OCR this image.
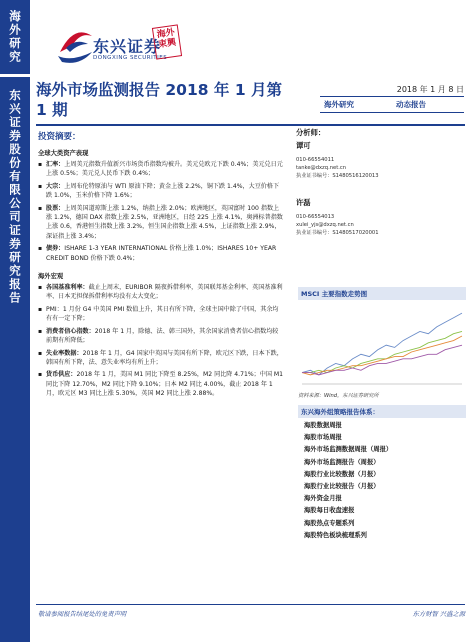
海外研究
东兴证券股份有限公司证券研究报告
东兴证券
DONGXING SECURITIES
海外束興
海外市场监测报告 2018 年 1 月第 1 期
2018 年 1 月 8 日
海外研究	动态报告
投资摘要：
全球大类资产表现
▪ 汇率：上周美元指数升值新兴市场货币指数均被升。美元兑欧元下跌 0.4%；美元兑日元上涨 0.5%；美元兑人民币下跌 0.4%；
▪ 大宗：上周布伦特原油与 WTI 原油下降；黄金上涨 2.2%，铜下跌 1.4%，大豆价格下跌 1.0%，玉米价格下降 1.6%；
▪ 股票：上周美国道琼斯上涨 1.2%，纳指上涨 2.0%；欧洲地区，英国富时 100 指数上涨 1.2%，德国 DAX 指数上涨 2.5%，亚洲地区，日经 225 上涨 4.1%，奥洲标普指数上涨 0.6，香港恒生指数上涨 3.2%，恒生国企指数上涨 4.5%，上证指数上涨 2.9%，深证指上涨 3.4%；
▪ 债券：ISHARE 1-3 YEAR INTERNATIONAL 价格上涨 1.0%；ISHARES 10+ YEAR CREDIT BOND 价格下跌 0.4%；
海外宏观
▪ 各国基准利率：截止上周末，EURIBOR 隔夜拆借利率，美国联邦基金利率、英国基准利率、日本无担保拆借利率均没有太大变化；
▪ PMI：1 月份 G4 中美国 PMI 数值上升，其日有所下降，全球主国中除了中国，其余均有有一定下降；
▪ 消费者信心指数：2018 年 1 月，除德、法、韩三国外，其余国家消费者信心指数均较前期有所降低；
▪ 失业率数据：2018 年 1 月，G4 国家中英国与美国有所下降，欧元区下跌，日本下跌，韩国有所下降，法、意失业率均有所上升；
▪ 货币供应：2018 年 1 月，美国 M1 同比下降至 8.25%，M2 同比降 4.71%；中国 M1 同比下降 12.70%，M2 同比下降 9.10%；日本 M2 同比 4.00%，截止 2018 年 1 月，欧元区 M3 同比上涨 5.30%，英国 M2 同比上涨 2.88%。
分析师：
谭可
010-66554011
tanke@dxzq.net.cn
执业证书编号：S1480516120013
许磊
010-66554013
xulei_yjs@dxzq.net.cn
执业证书编号：S1480517020001
MSCI 主要指数走势图
资料来源：Wind，东兴证券研究所
东兴海外组策略报告体系：
海股数据周报
海股市场周报
海外市场监测数据周报（周报）
海外市场监测报告（周报）
海股行业比较数据（月报）
海股行业比较报告（月报）
海外资金月报
海股每日收盘速报
海股热点专题系列
海股特色板块梳理系列
敬请参阅报告结尾处的免责声明	东方财智 兴盛之源
